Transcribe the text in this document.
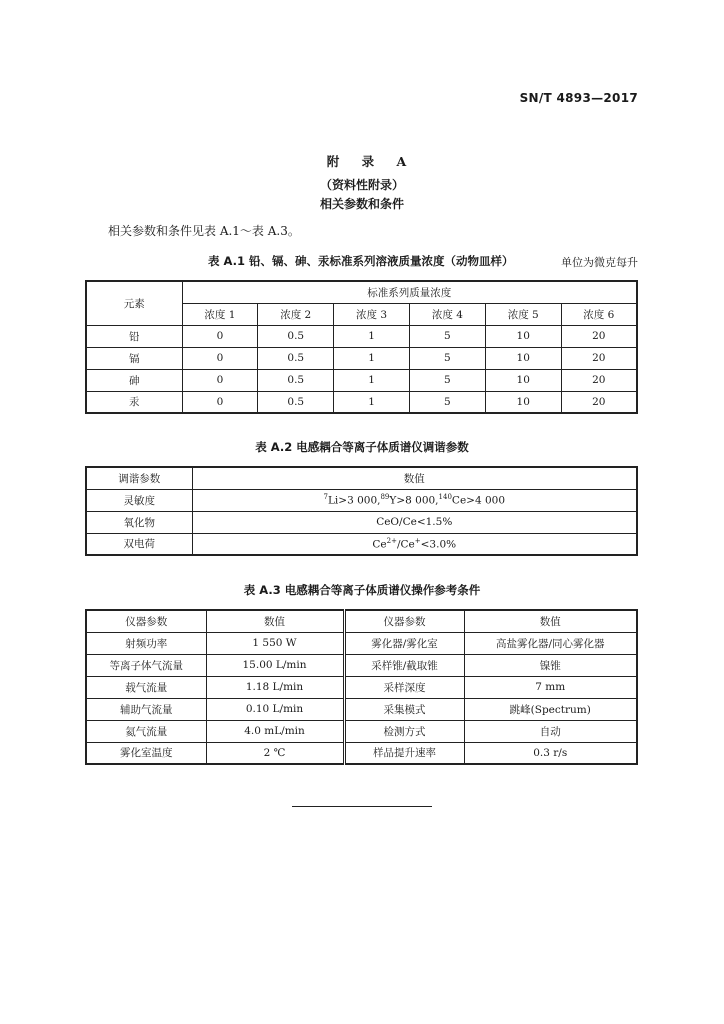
SN/T 4893—2017
附 录 A
（资料性附录）
相关参数和条件
相关参数和条件见表 A.1～表 A.3。
表 A.1 铅、镉、砷、汞标准系列溶液质量浓度（动物皿样）	单位为微克每升
元素	标准系列质量浓度					
	浓度 1	浓度 2	浓度 3	浓度 4	浓度 5	浓度 6
铅	0	0.5	1	5	10	20
镉	0	0.5	1	5	10	20
砷	0	0.5	1	5	10	20
汞	0	0.5	1	5	10	20
表 A.2 电感耦合等离子体质谱仪调谐参数
调谐参数	数值
灵敏度	$^7$Li>3 000,89Y>8 000,$^{140}$Ce>4 000
氧化物	CeO/Ce<1.5%
双电荷	$Ce^{2+}/Ce^+<3.0\%$
表 A.3 电感耦合等离子体质谱仪操作参考条件
仪器参数	数值	仪器参数	数值
射频功率	1 550 W	雾化器/雾化室	高盐雾化器/同心雾化器
等离子体气流量	15.00 L/min	采样锥/截取锥	镍锥
载气流量	1.18 L/min	采样深度	7 mm
辅助气流量	0.10 L/min	采集模式	跳峰(Spectrum)
氦气流量	4.0 mL/min	检测方式	自动
雾化室温度	2 ℃	样品提升速率	0.3 r/s
